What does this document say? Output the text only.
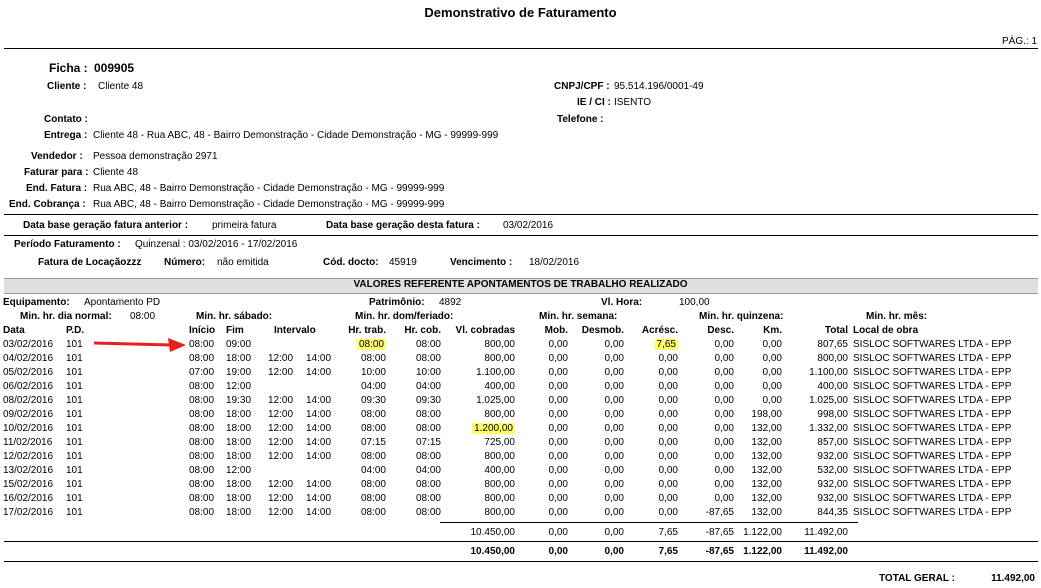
Demonstrativo de Faturamento
PÁG.: 1
Ficha : 009905
Cliente : Cliente 48	CNPJ/CPF : 95.514.196/0001-49
IE / CI : ISENTO
Contato :	Telefone :
Entrega : Cliente 48 - Rua ABC, 48 - Bairro Demonstração - Cidade Demonstração - MG - 99999-999
Vendedor : Pessoa demonstração 2971
Faturar para : Cliente 48
End. Fatura : Rua ABC, 48 - Bairro Demonstração - Cidade Demonstração - MG - 99999-999
End. Cobrança : Rua ABC, 48 - Bairro Demonstração - Cidade Demonstração - MG - 99999-999
Data base geração fatura anterior : primeira fatura	Data base geração desta fatura : 03/02/2016
Período Faturamento : Quinzenal : 03/02/2016 - 17/02/2016
Fatura de Locaçãozzz Número: não emitida	Cód. docto: 45919	Vencimento : 18/02/2016
VALORES REFERENTE APONTAMENTOS DE TRABALHO REALIZADO
Equipamento: Apontamento PD	Patrimônio: 4892	Vl. Hora:	100,00
Min. hr. dia normal: 08:00	Min. hr. sábado:	Min. hr. dom/feriado:	Min. hr. semana:	Min. hr. quinzena:	Min. hr. mês:
Data	P.D.	Início Fim	Intervalo	Hr. trab.	Hr. cob.	Vl. cobradas	Mob.	Desmob.	Acrésc.	Desc.	Km.	Total Local de obra
03/02/2016 101	08:00 09:00	08:00	08:00	800,00	0,00	0,00	7,65	0,00	0,00	807,65 SISLOC SOFTWARES LTDA - EPP
04/02/2016 101	08:00 18:00 12:00 14:00	08:00	08:00	800,00	0,00	0,00	0,00	0,00	0,00	800,00 SISLOC SOFTWARES LTDA - EPP
05/02/2016 101	07:00 19:00 12:00 14:00	10:00	10:00	1.100,00	0,00	0,00	0,00	0,00	0,00	1.100,00 SISLOC SOFTWARES LTDA - EPP
06/02/2016 101	08:00 12:00	04:00	04:00	400,00	0,00	0,00	0,00	0,00	0,00	400,00 SISLOC SOFTWARES LTDA - EPP
08/02/2016 101	08:00 19:30 12:00 14:00	09:30	09:30	1.025,00	0,00	0,00	0,00	0,00	0,00	1.025,00 SISLOC SOFTWARES LTDA - EPP
09/02/2016 101	08:00 18:00 12:00 14:00	08:00	08:00	800,00	0,00	0,00	0,00	0,00	198,00	998,00 SISLOC SOFTWARES LTDA - EPP
10/02/2016 101	08:00 18:00 12:00 14:00	08:00	08:00	1.200,00	0,00	0,00	0,00	0,00	132,00	1.332,00 SISLOC SOFTWARES LTDA - EPP
11/02/2016 101	08:00 18:00 12:00 14:00	07:15	07:15	725,00	0,00	0,00	0,00	0,00	132,00	857,00 SISLOC SOFTWARES LTDA - EPP
12/02/2016 101	08:00 18:00 12:00 14:00	08:00	08:00	800,00	0,00	0,00	0,00	0,00	132,00	932,00 SISLOC SOFTWARES LTDA - EPP
13/02/2016 101	08:00 12:00	04:00	04:00	400,00	0,00	0,00	0,00	0,00	132,00	532,00 SISLOC SOFTWARES LTDA - EPP
15/02/2016 101	08:00 18:00 12:00 14:00	08:00	08:00	800,00	0,00	0,00	0,00	0,00	132,00	932,00 SISLOC SOFTWARES LTDA - EPP
16/02/2016 101	08:00 18:00 12:00 14:00	08:00	08:00	800,00	0,00	0,00	0,00	0,00	132,00	932,00 SISLOC SOFTWARES LTDA - EPP
17/02/2016 101	08:00 18:00 12:00 14:00	08:00	08:00	800,00	0,00	0,00	0,00	-87,65	132,00	844,35 SISLOC SOFTWARES LTDA - EPP
10.450,00	0,00	0,00	7,65	-87,65 1.122,00	11.492,00
10.450,00	0,00	0,00	7,65	-87,65 1.122,00	11.492,00
TOTAL GERAL :	11.492,00
